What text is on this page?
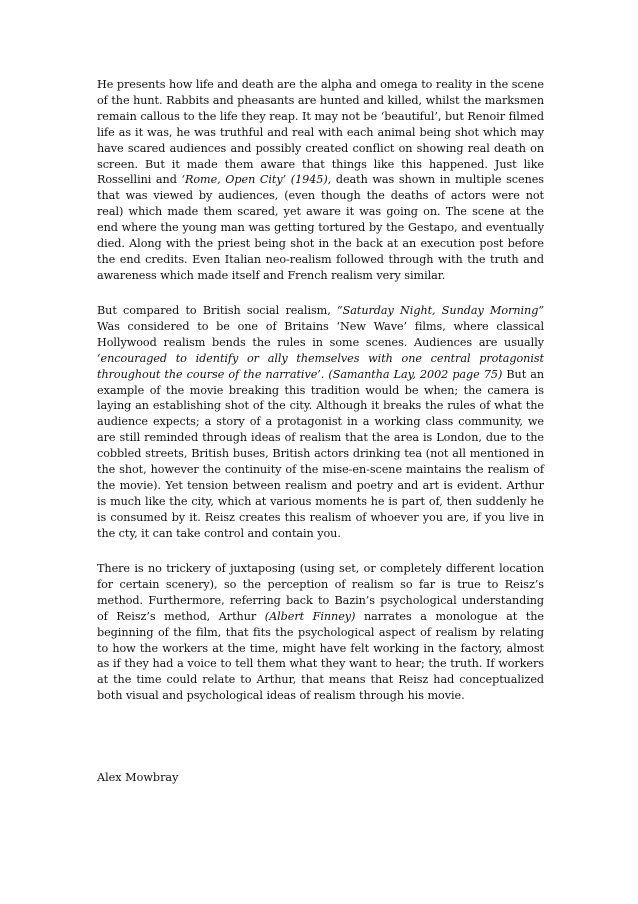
He presents how life and death are the alpha and omega to reality in the scene of the hunt. Rabbits and pheasants are hunted and killed, whilst the marksmen remain callous to the life they reap. It may not be ‘beautiful’, but Renoir filmed life as it was, he was truthful and real with each animal being shot which may have scared audiences and possibly created conflict on showing real death on screen. But it made them aware that things like this happened. Just like Rossellini and ‘Rome, Open City’ (1945), death was shown in multiple scenes that was viewed by audiences, (even though the deaths of actors were not real) which made them scared, yet aware it was going on. The scene at the end where the young man was getting tortured by the Gestapo, and eventually died. Along with the priest being shot in the back at an execution post before the end credits. Even Italian neo-realism followed through with the truth and awareness which made itself and French realism very similar.

But compared to British social realism, “Saturday Night, Sunday Morning” Was considered to be one of Britains ‘New Wave’ films, where classical Hollywood realism bends the rules in some scenes. Audiences are usually ‘encouraged to identify or ally themselves with one central protagonist throughout the course of the narrative’. (Samantha Lay, 2002 page 75) But an example of the movie breaking this tradition would be when; the camera is laying an establishing shot of the city. Although it breaks the rules of what the audience expects; a story of a protagonist in a working class community, we are still reminded through ideas of realism that the area is London, due to the cobbled streets, British buses, British actors drinking tea (not all mentioned in the shot, however the continuity of the mise-en-scene maintains the realism of the movie). Yet tension between realism and poetry and art is evident. Arthur is much like the city, which at various moments he is part of, then suddenly he is consumed by it. Reisz creates this realism of whoever you are, if you live in the cty, it can take control and contain you.

There is no trickery of juxtaposing (using set, or completely different location for certain scenery), so the perception of realism so far is true to Reisz’s method. Furthermore, referring back to Bazin’s psychological understanding of Reisz’s method, Arthur (Albert Finney) narrates a monologue at the beginning of the film, that fits the psychological aspect of realism by relating to how the workers at the time, might have felt working in the factory, almost as if they had a voice to tell them what they want to hear; the truth. If workers at the time could relate to Arthur, that means that Reisz had conceptualized both visual and psychological ideas of realism through his movie.

Alex Mowbray
